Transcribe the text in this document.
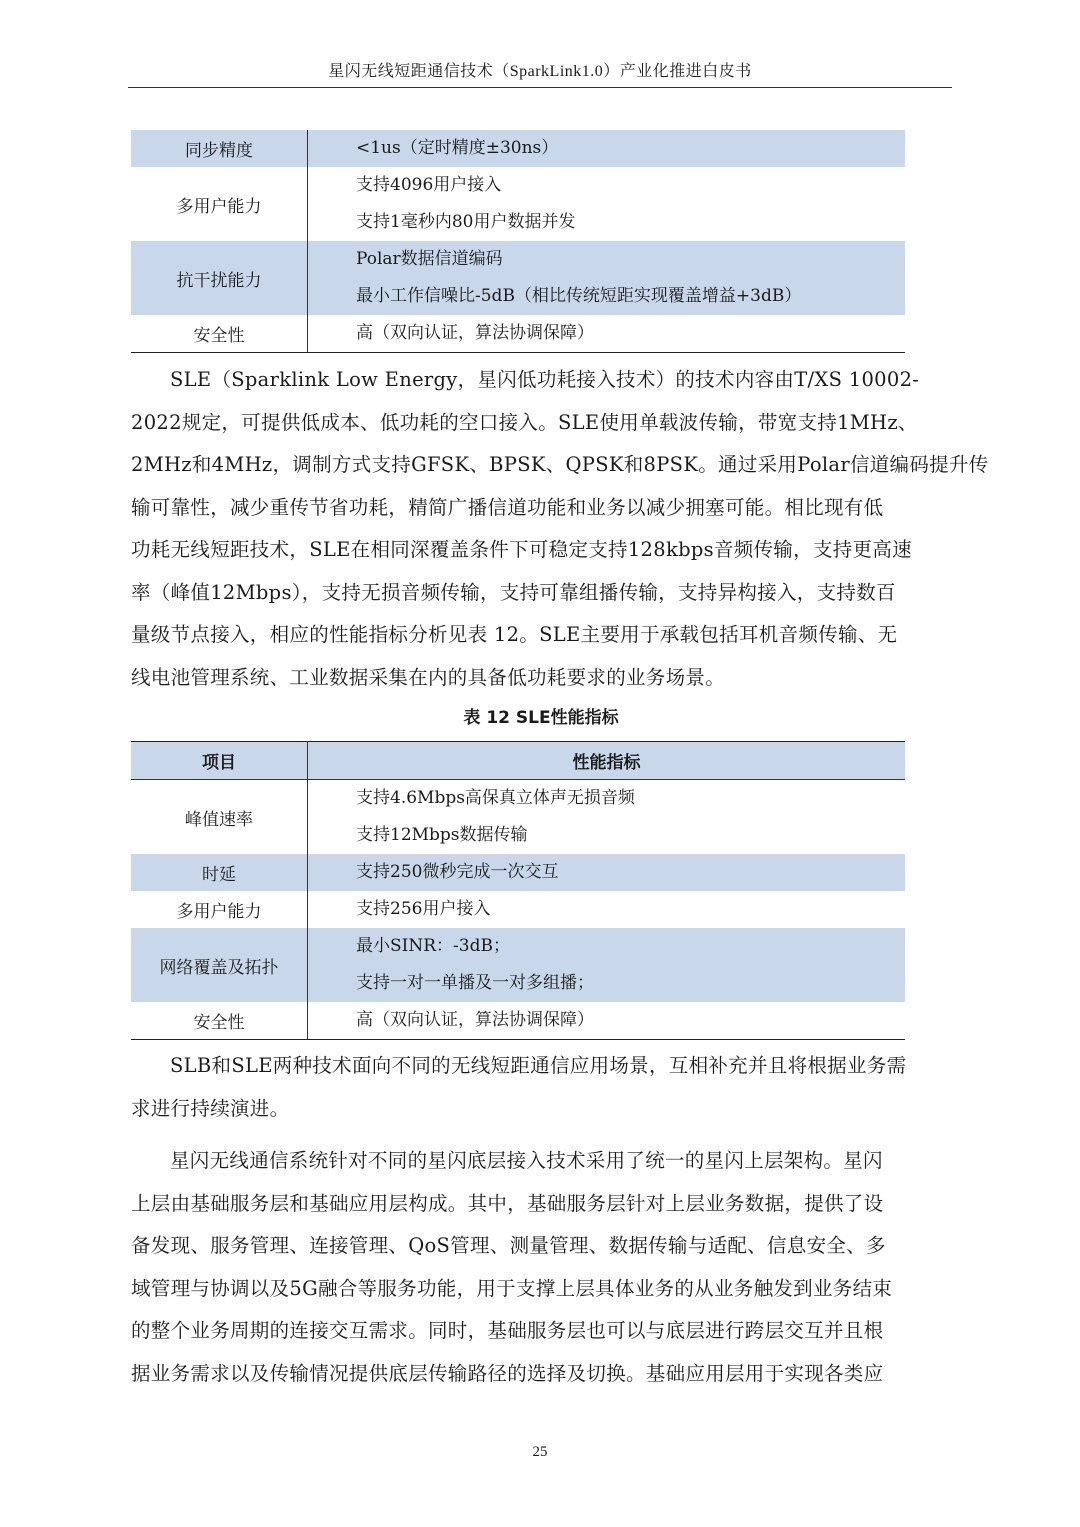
星闪无线短距通信技术（SparkLink1.0）产业化推进白皮书
同步精度	<1us（定时精度±30ns）

多用户能力	支持4096用户接入
支持1毫秒内80用户数据并发

抗干扰能力	Polar数据信道编码
最小工作信噪比-5dB（相比传统短距实现覆盖增益+3dB）

安全性	高（双向认证，算法协调保障）
SLE（Sparklink Low Energy，星闪低功耗接入技术）的技术内容由T/XS 10002-
2022规定，可提供低成本、低功耗的空口接入。SLE使用单载波传输，带宽支持1MHz、
2MHz和4MHz，调制方式支持GFSK、BPSK、QPSK和8PSK。通过采用Polar信道编码提升传
输可靠性，减少重传节省功耗，精简广播信道功能和业务以减少拥塞可能。相比现有低
功耗无线短距技术，SLE在相同深覆盖条件下可稳定支持128kbps音频传输，支持更高速
率（峰值12Mbps），支持无损音频传输，支持可靠组播传输，支持异构接入，支持数百
量级节点接入，相应的性能指标分析见表 12。SLE主要用于承载包括耳机音频传输、无
线电池管理系统、工业数据采集在内的具备低功耗要求的业务场景。
表 12 SLE性能指标
项目	性能指标
峰值速率	支持4.6Mbps高保真立体声无损音频
支持12Mbps数据传输

时延	支持250微秒完成一次交互

多用户能力	支持256用户接入

网络覆盖及拓扑	最小SINR：-3dB；
支持一对一单播及一对多组播；

安全性	高（双向认证，算法协调保障）
SLB和SLE两种技术面向不同的无线短距通信应用场景，互相补充并且将根据业务需
求进行持续演进。
星闪无线通信系统针对不同的星闪底层接入技术采用了统一的星闪上层架构。星闪
上层由基础服务层和基础应用层构成。其中，基础服务层针对上层业务数据，提供了设
备发现、服务管理、连接管理、QoS管理、测量管理、数据传输与适配、信息安全、多
域管理与协调以及5G融合等服务功能，用于支撑上层具体业务的从业务触发到业务结束
的整个业务周期的连接交互需求。同时，基础服务层也可以与底层进行跨层交互并且根
据业务需求以及传输情况提供底层传输路径的选择及切换。基础应用层用于实现各类应
25
